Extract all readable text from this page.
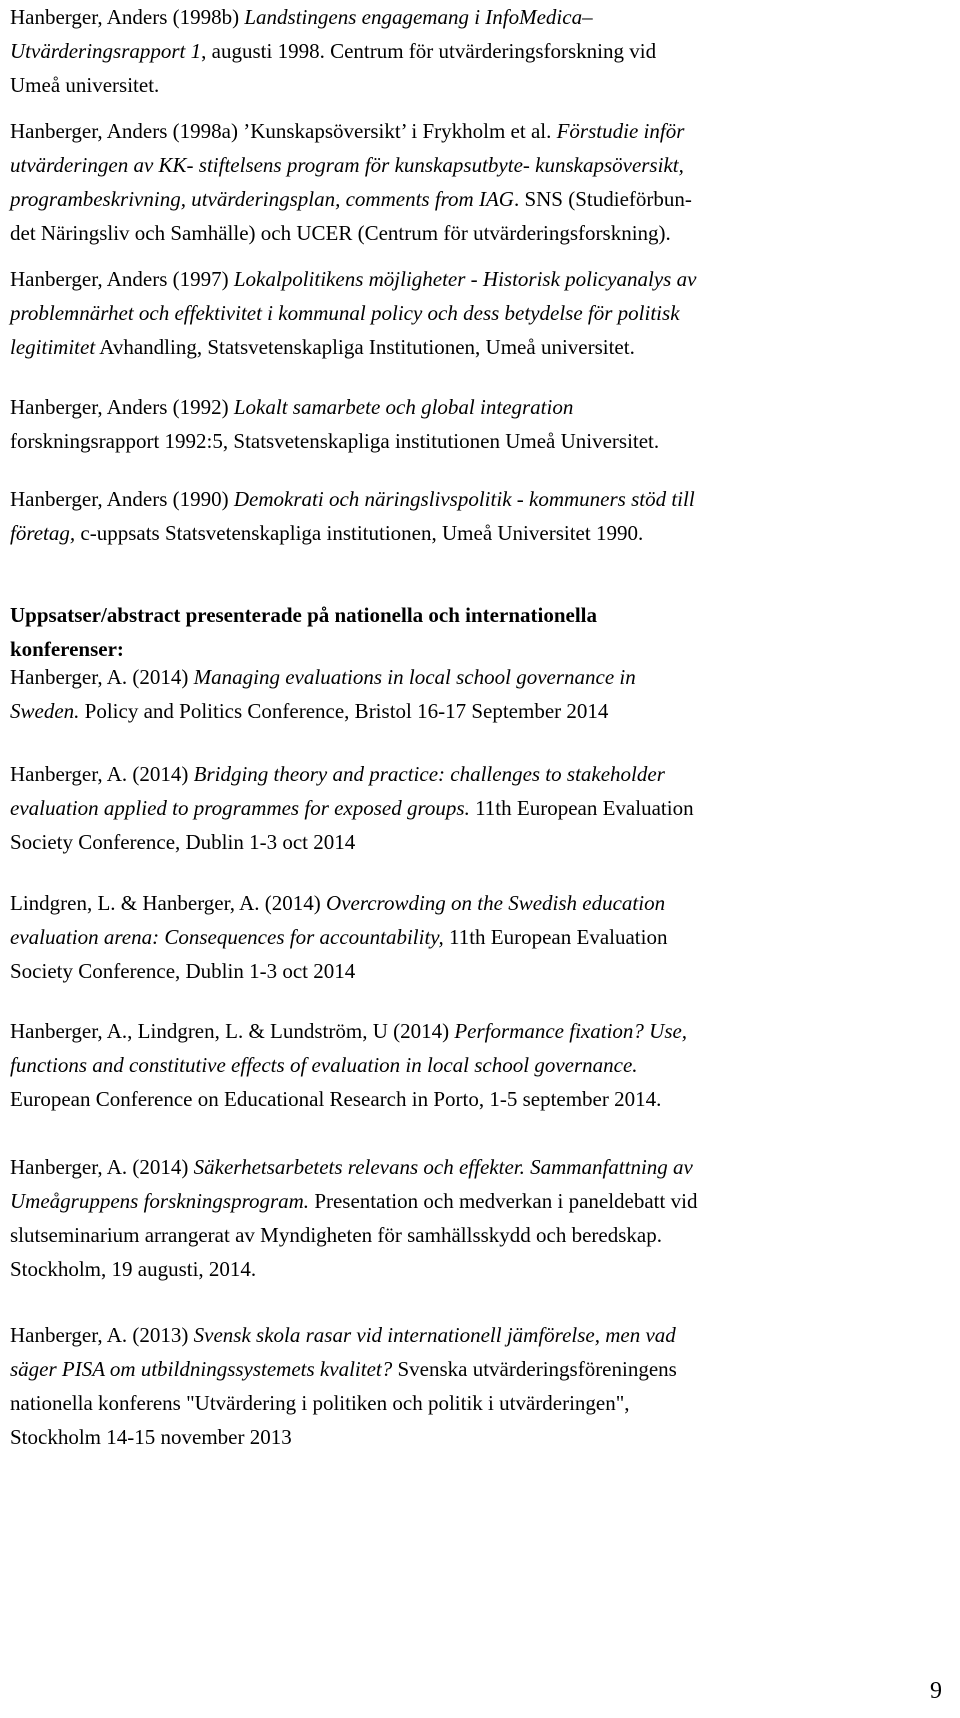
Hanberger, Anders (1998b) Landstingens engagemang i InfoMedica–
Utvärderingsrapport 1, augusti 1998. Centrum för utvärderingsforskning vid
Umeå universitet.
Hanberger, Anders (1998a) ’Kunskapsöversikt’ i Frykholm et al. Förstudie inför
utvärderingen av KK- stiftelsens program för kunskapsutbyte- kunskapsöversikt,
programbeskrivning, utvärderingsplan, comments from IAG. SNS (Studieförbun-
det Näringsliv och Samhälle) och UCER (Centrum för utvärderingsforskning).
Hanberger, Anders (1997) Lokalpolitikens möjligheter - Historisk policyanalys av
problemnärhet och effektivitet i kommunal policy och dess betydelse för politisk
legitimitet Avhandling, Statsvetenskapliga Institutionen, Umeå universitet.
Hanberger, Anders (1992) Lokalt samarbete och global integration
forskningsrapport 1992:5, Statsvetenskapliga institutionen Umeå Universitet.
Hanberger, Anders (1990) Demokrati och näringslivspolitik - kommuners stöd till
företag, c-uppsats Statsvetenskapliga institutionen, Umeå Universitet 1990.
Uppsatser/abstract presenterade på nationella och internationella
konferenser:
Hanberger, A. (2014) Managing evaluations in local school governance in
Sweden. Policy and Politics Conference, Bristol 16-17 September 2014
Hanberger, A. (2014) Bridging theory and practice: challenges to stakeholder
evaluation applied to programmes for exposed groups. 11th European Evaluation
Society Conference, Dublin 1-3 oct 2014
Lindgren, L. & Hanberger, A. (2014) Overcrowding on the Swedish education
evaluation arena: Consequences for accountability, 11th European Evaluation
Society Conference, Dublin 1-3 oct 2014
Hanberger, A., Lindgren, L. & Lundström, U (2014) Performance fixation? Use,
functions and constitutive effects of evaluation in local school governance.
European Conference on Educational Research in Porto, 1-5 september 2014.
Hanberger, A. (2014) Säkerhetsarbetets relevans och effekter. Sammanfattning av
Umeågruppens forskningsprogram. Presentation och medverkan i paneldebatt vid
slutseminarium arrangerat av Myndigheten för samhällsskydd och beredskap.
Stockholm, 19 augusti, 2014.
Hanberger, A. (2013) Svensk skola rasar vid internationell jämförelse, men vad
säger PISA om utbildningssystemets kvalitet? Svenska utvärderingsföreningens
nationella konferens "Utvärdering i politiken och politik i utvärderingen",
Stockholm 14-15 november 2013
9
